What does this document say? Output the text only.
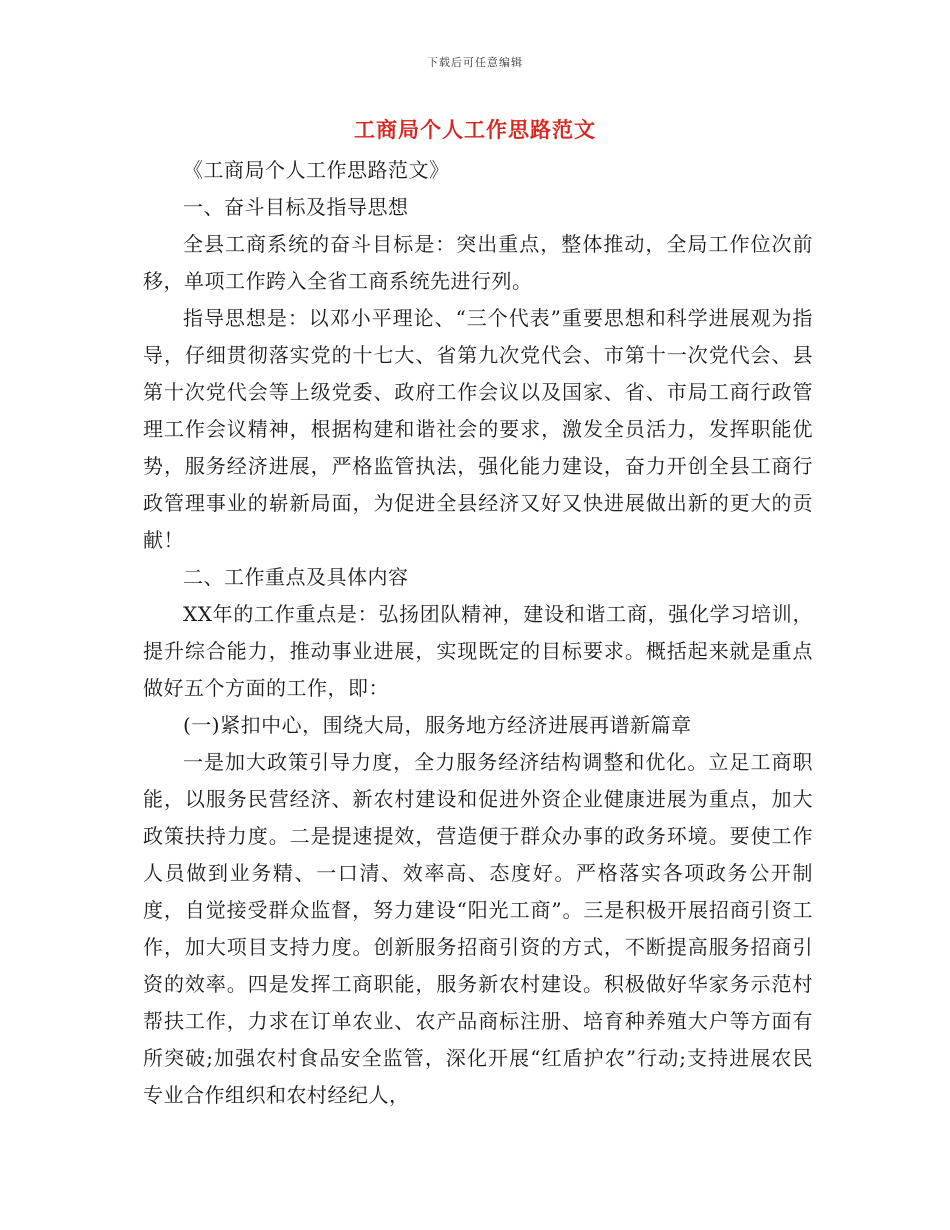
下载后可任意编辑
工商局个人工作思路范文

《工商局个人工作思路范文》

一、奋斗目标及指导思想

全县工商系统的奋斗目标是：突出重点，整体推动，全局工作位次前移，单项工作跨入全省工商系统先进行列。

指导思想是：以邓小平理论、“三个代表”重要思想和科学进展观为指导，仔细贯彻落实党的十七大、省第九次党代会、市第十一次党代会、县第十次党代会等上级党委、政府工作会议以及国家、省、市局工商行政管理工作会议精神，根据构建和谐社会的要求，激发全员活力，发挥职能优势，服务经济进展，严格监管执法，强化能力建设，奋力开创全县工商行政管理事业的崭新局面，为促进全县经济又好又快进展做出新的更大的贡献！

二、工作重点及具体内容

XX年的工作重点是：弘扬团队精神，建设和谐工商，强化学习培训，提升综合能力，推动事业进展，实现既定的目标要求。概括起来就是重点做好五个方面的工作，即：

(一)紧扣中心，围绕大局，服务地方经济进展再谱新篇章

一是加大政策引导力度，全力服务经济结构调整和优化。立足工商职能，以服务民营经济、新农村建设和促进外资企业健康进展为重点，加大政策扶持力度。二是提速提效，营造便于群众办事的政务环境。要使工作人员做到业务精、一口清、效率高、态度好。严格落实各项政务公开制度，自觉接受群众监督，努力建设“阳光工商”。三是积极开展招商引资工作，加大项目支持力度。创新服务招商引资的方式，不断提高服务招商引资的效率。四是发挥工商职能，服务新农村建设。积极做好华家务示范村帮扶工作，力求在订单农业、农产品商标注册、培育种养殖大户等方面有所突破;加强农村食品安全监管，深化开展“红盾护农”行动;支持进展农民专业合作组织和农村经纪人，
